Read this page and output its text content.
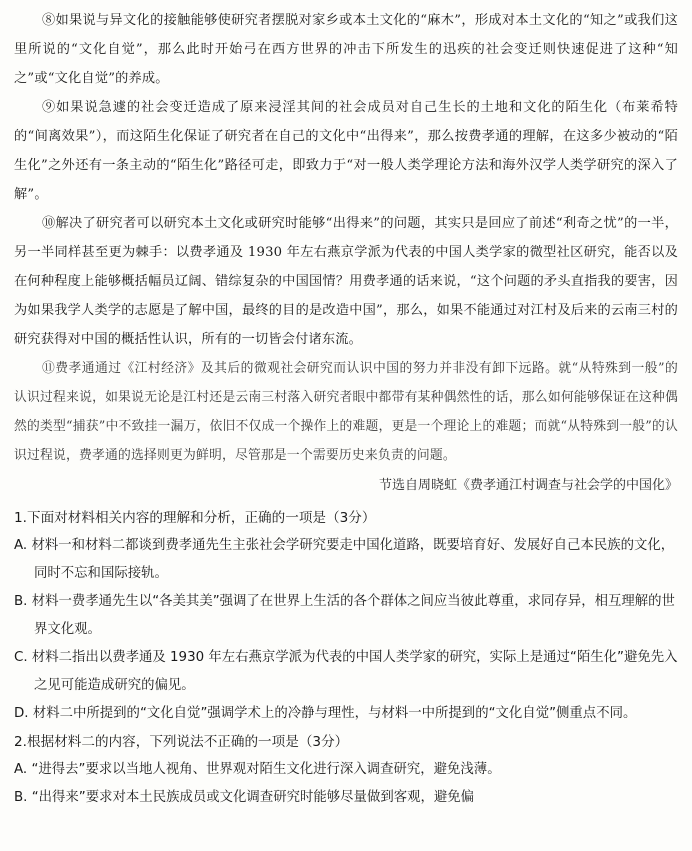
⑧如果说与异文化的接触能够使研究者摆脱对家乡或本土文化的“麻木”，形成对本土文化的“知之”或我们这里所说的“文化自觉”，那么此时开始弓在西方世界的冲击下所发生的迅疾的社会变迁则快速促进了这种“知之”或“文化自觉”的养成。

⑨如果说急遽的社会变迁造成了原来浸淫其间的社会成员对自己生长的土地和文化的陌生化（布莱希特的“间离效果”），而这陌生化保证了研究者在自己的文化中“出得来”，那么按费孝通的理解，在这多少被动的“陌生化”之外还有一条主动的“陌生化”路径可走，即致力于“对一般人类学理论方法和海外汉学人类学研究的深入了解”。

⑩解决了研究者可以研究本土文化或研究时能够“出得来”的问题，其实只是回应了前述“利奇之忧”的一半，另一半同样甚至更为棘手：以费孝通及 1930 年左右燕京学派为代表的中国人类学家的微型社区研究，能否以及在何种程度上能够概括幅员辽阔、错综复杂的中国国情？用费孝通的话来说，“这个问题的矛头直指我的要害，因为如果我学人类学的志愿是了解中国，最终的目的是改造中国”，那么，如果不能通过对江村及后来的云南三村的研究获得对中国的概括性认识，所有的一切皆会付诸东流。

⑪费孝通通过《江村经济》及其后的微观社会研究而认识中国的努力并非没有卸下远路。就“从特殊到一般”的认识过程来说，如果说无论是江村还是云南三村落入研究者眼中都带有某种偶然性的话，那么如何能够保证在这种偶然的类型“捕获”中不致挂一漏万，依旧不仅成一个操作上的难题，更是一个理论上的难题；而就“从特殊到一般”的认识过程说，费孝通的选择则更为鲜明，尽管那是一个需要历史来负责的问题。

节选自周晓虹《费孝通江村调查与社会学的中国化》

1.下面对材料相关内容的理解和分析，正确的一项是（3分）

A. 材料一和材料二都谈到费孝通先生主张社会学研究要走中国化道路，既要培育好、发展好自己本民族的文化，同时不忘和国际接轨。

B. 材料一费孝通先生以“各美其美”强调了在世界上生活的各个群体之间应当彼此尊重，求同存异，相互理解的世界文化观。

C. 材料二指出以费孝通及 1930 年左右燕京学派为代表的中国人类学家的研究，实际上是通过“陌生化”避免先入之见可能造成研究的偏见。

D. 材料二中所提到的“文化自觉”强调学术上的冷静与理性，与材料一中所提到的“文化自觉”侧重点不同。

2.根据材料二的内容，下列说法不正确的一项是（3分）

A. “进得去”要求以当地人视角、世界观对陌生文化进行深入调查研究，避免浅薄。

B. “出得来”要求对本土民族成员或文化调查研究时能够尽量做到客观，避免偏
